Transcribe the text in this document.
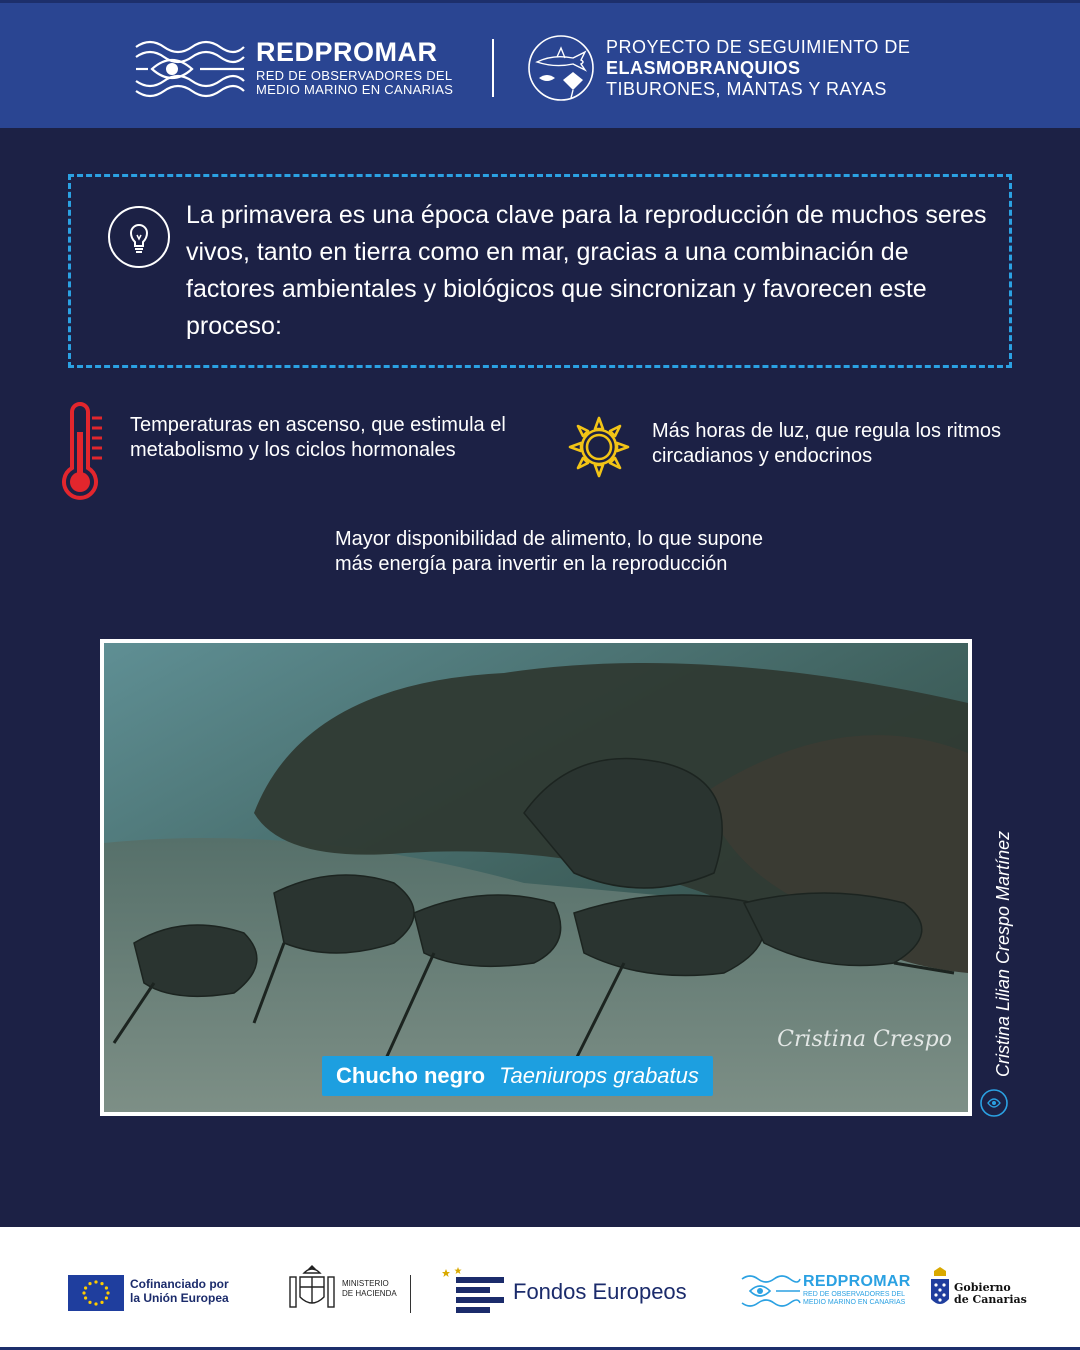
REDPROMAR
RED DE OBSERVADORES DEL
MEDIO MARINO EN CANARIAS
PROYECTO DE SEGUIMIENTO DE
ELASMOBRANQUIOS
TIBURONES, MANTAS Y RAYAS
La primavera es una época clave para la reproducción de muchos seres vivos, tanto en tierra como en mar, gracias a una combinación de factores ambientales y biológicos que sincronizan y favorecen este proceso:
Temperaturas en ascenso, que estimula el metabolismo y los ciclos hormonales
Más horas de luz, que regula los ritmos circadianos y endocrinos
Mayor disponibilidad de alimento, lo que supone más energía para invertir en la reproducción
Chucho negro Taeniurops grabatus
Cristina Crespo Cristina Lilian Crespo Martínez
Cofinanciado por
la Unión Europea
MINISTERIO
DE HACIENDA	Fondos Europeos	REDPROMAR
RED DE OBSERVADORES DEL
MEDIO MARINO EN CANARIAS
Gobierno
de Canarias
